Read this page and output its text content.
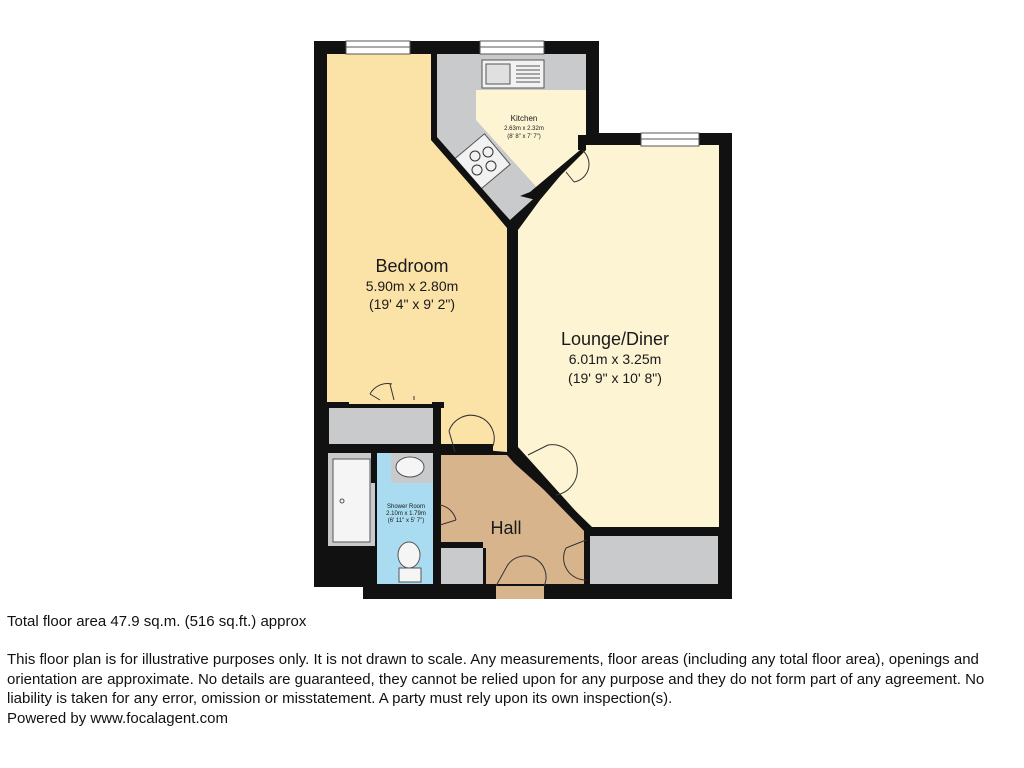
Bedroom
5.90m x 2.80m
(19' 4" x 9' 2")
Kitchen
2.63m x 2.32m
(8' 8" x 7' 7")
Lounge/Diner
6.01m x 3.25m
(19' 9" x 10' 8")
Shower Room
2.10m x 1.79m
(6' 11" x 5' 7")	Hall

Total floor area 47.9 sq.m. (516 sq.ft.) approx

This floor plan is for illustrative purposes only. It is not drawn to scale. Any measurements, floor areas (including any total floor area), openings and orientation are approximate. No details are guaranteed, they cannot be relied upon for any purpose and they do not form part of any agreement. No liability is taken for any error, omission or misstatement. A party must rely upon its own inspection(s).
Powered by www.focalagent.com
